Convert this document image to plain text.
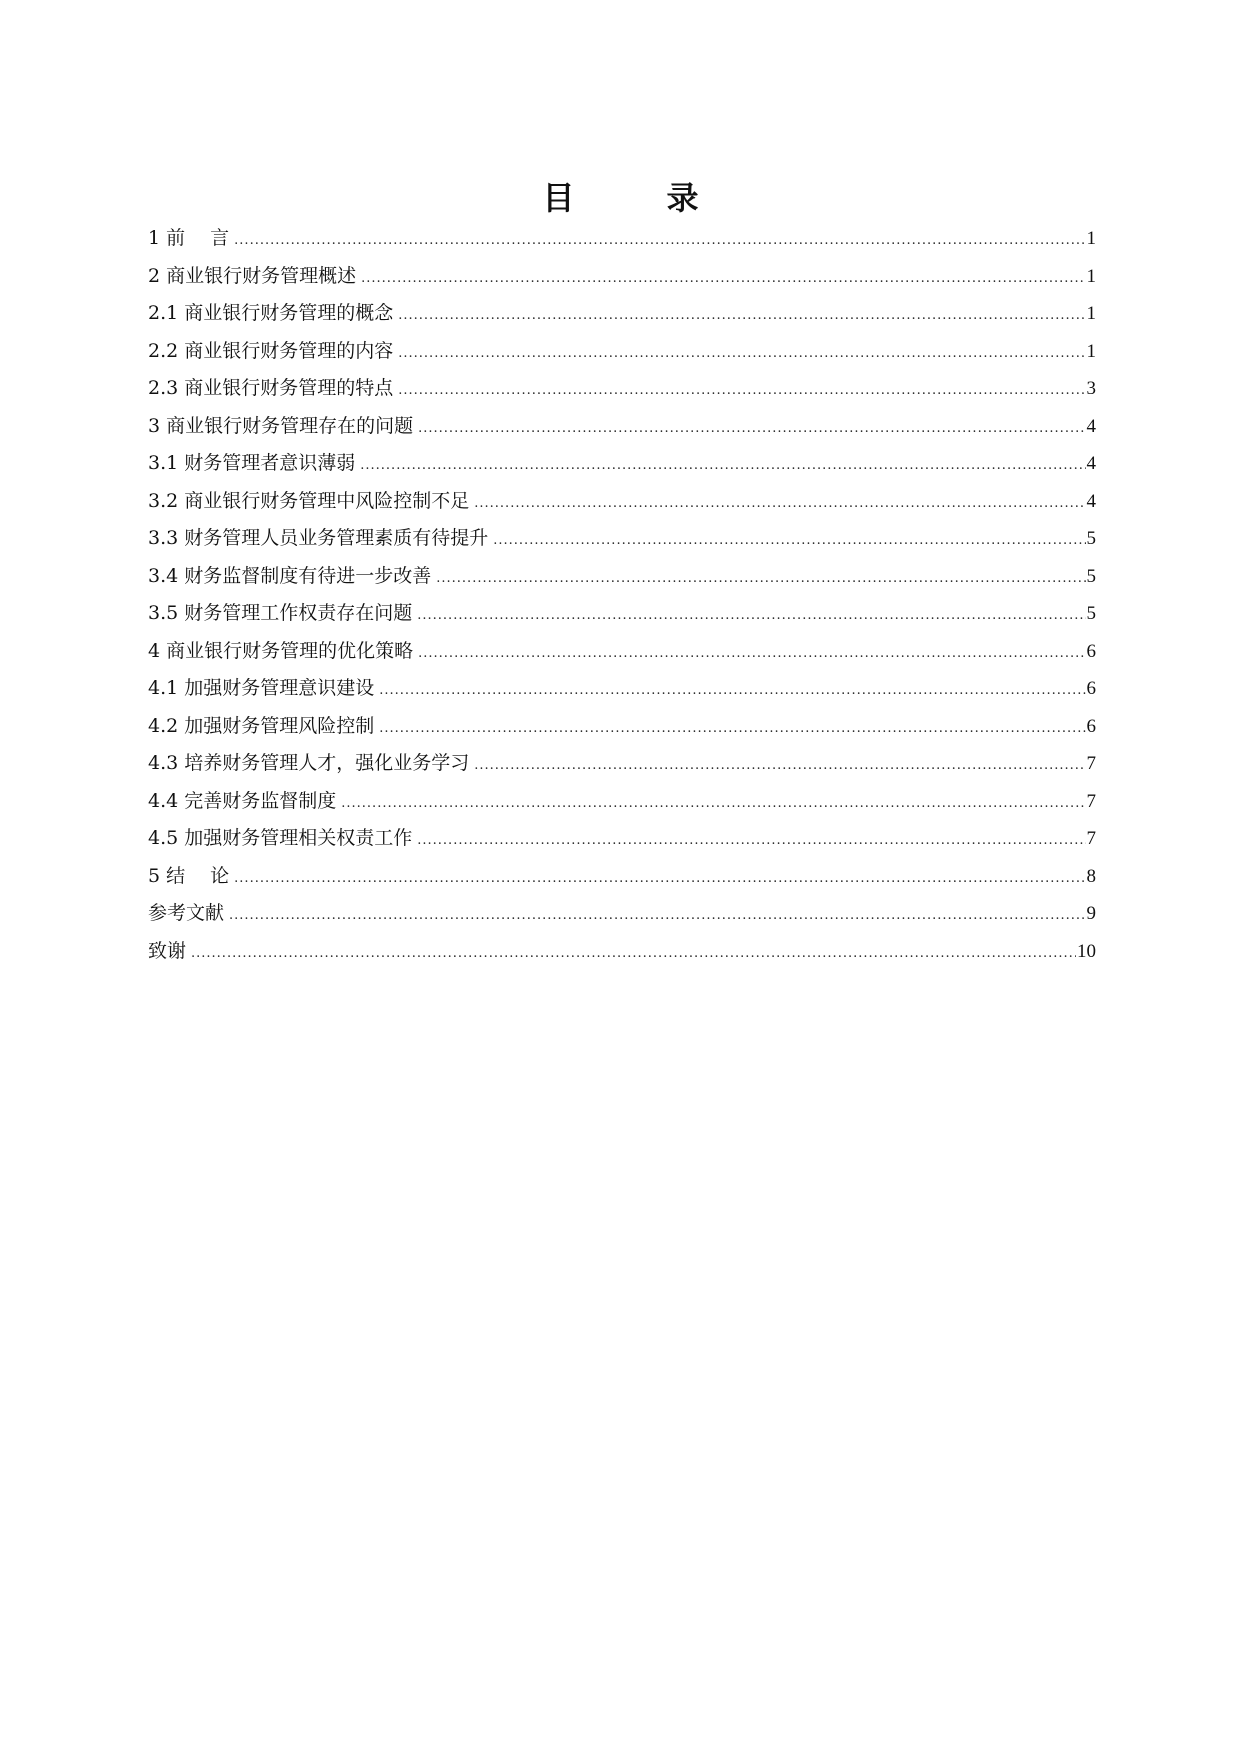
目　录
1 前　 言 .....	1
2 商业银行财务管理概述 .....	1
2.1 商业银行财务管理的概念 .....	1
2.2 商业银行财务管理的内容 .....	1
2.3 商业银行财务管理的特点 .....	3
3 商业银行财务管理存在的问题 .....	4
3.1 财务管理者意识薄弱 .....	4
3.2 商业银行财务管理中风险控制不足 .....	4
3.3 财务管理人员业务管理素质有待提升 .....	5
3.4 财务监督制度有待进一步改善 .....	5
3.5 财务管理工作权责存在问题 .....	5
4 商业银行财务管理的优化策略 .....	6
4.1 加强财务管理意识建设 .....	6
4.2 加强财务管理风险控制 .....	6
4.3 培养财务管理人才，强化业务学习 .....	7
4.4 完善财务监督制度 .....	7
4.5 加强财务管理相关权责工作 .....	7
5 结　 论 .....	8
参考文献 .....	9
致谢 .....	10
